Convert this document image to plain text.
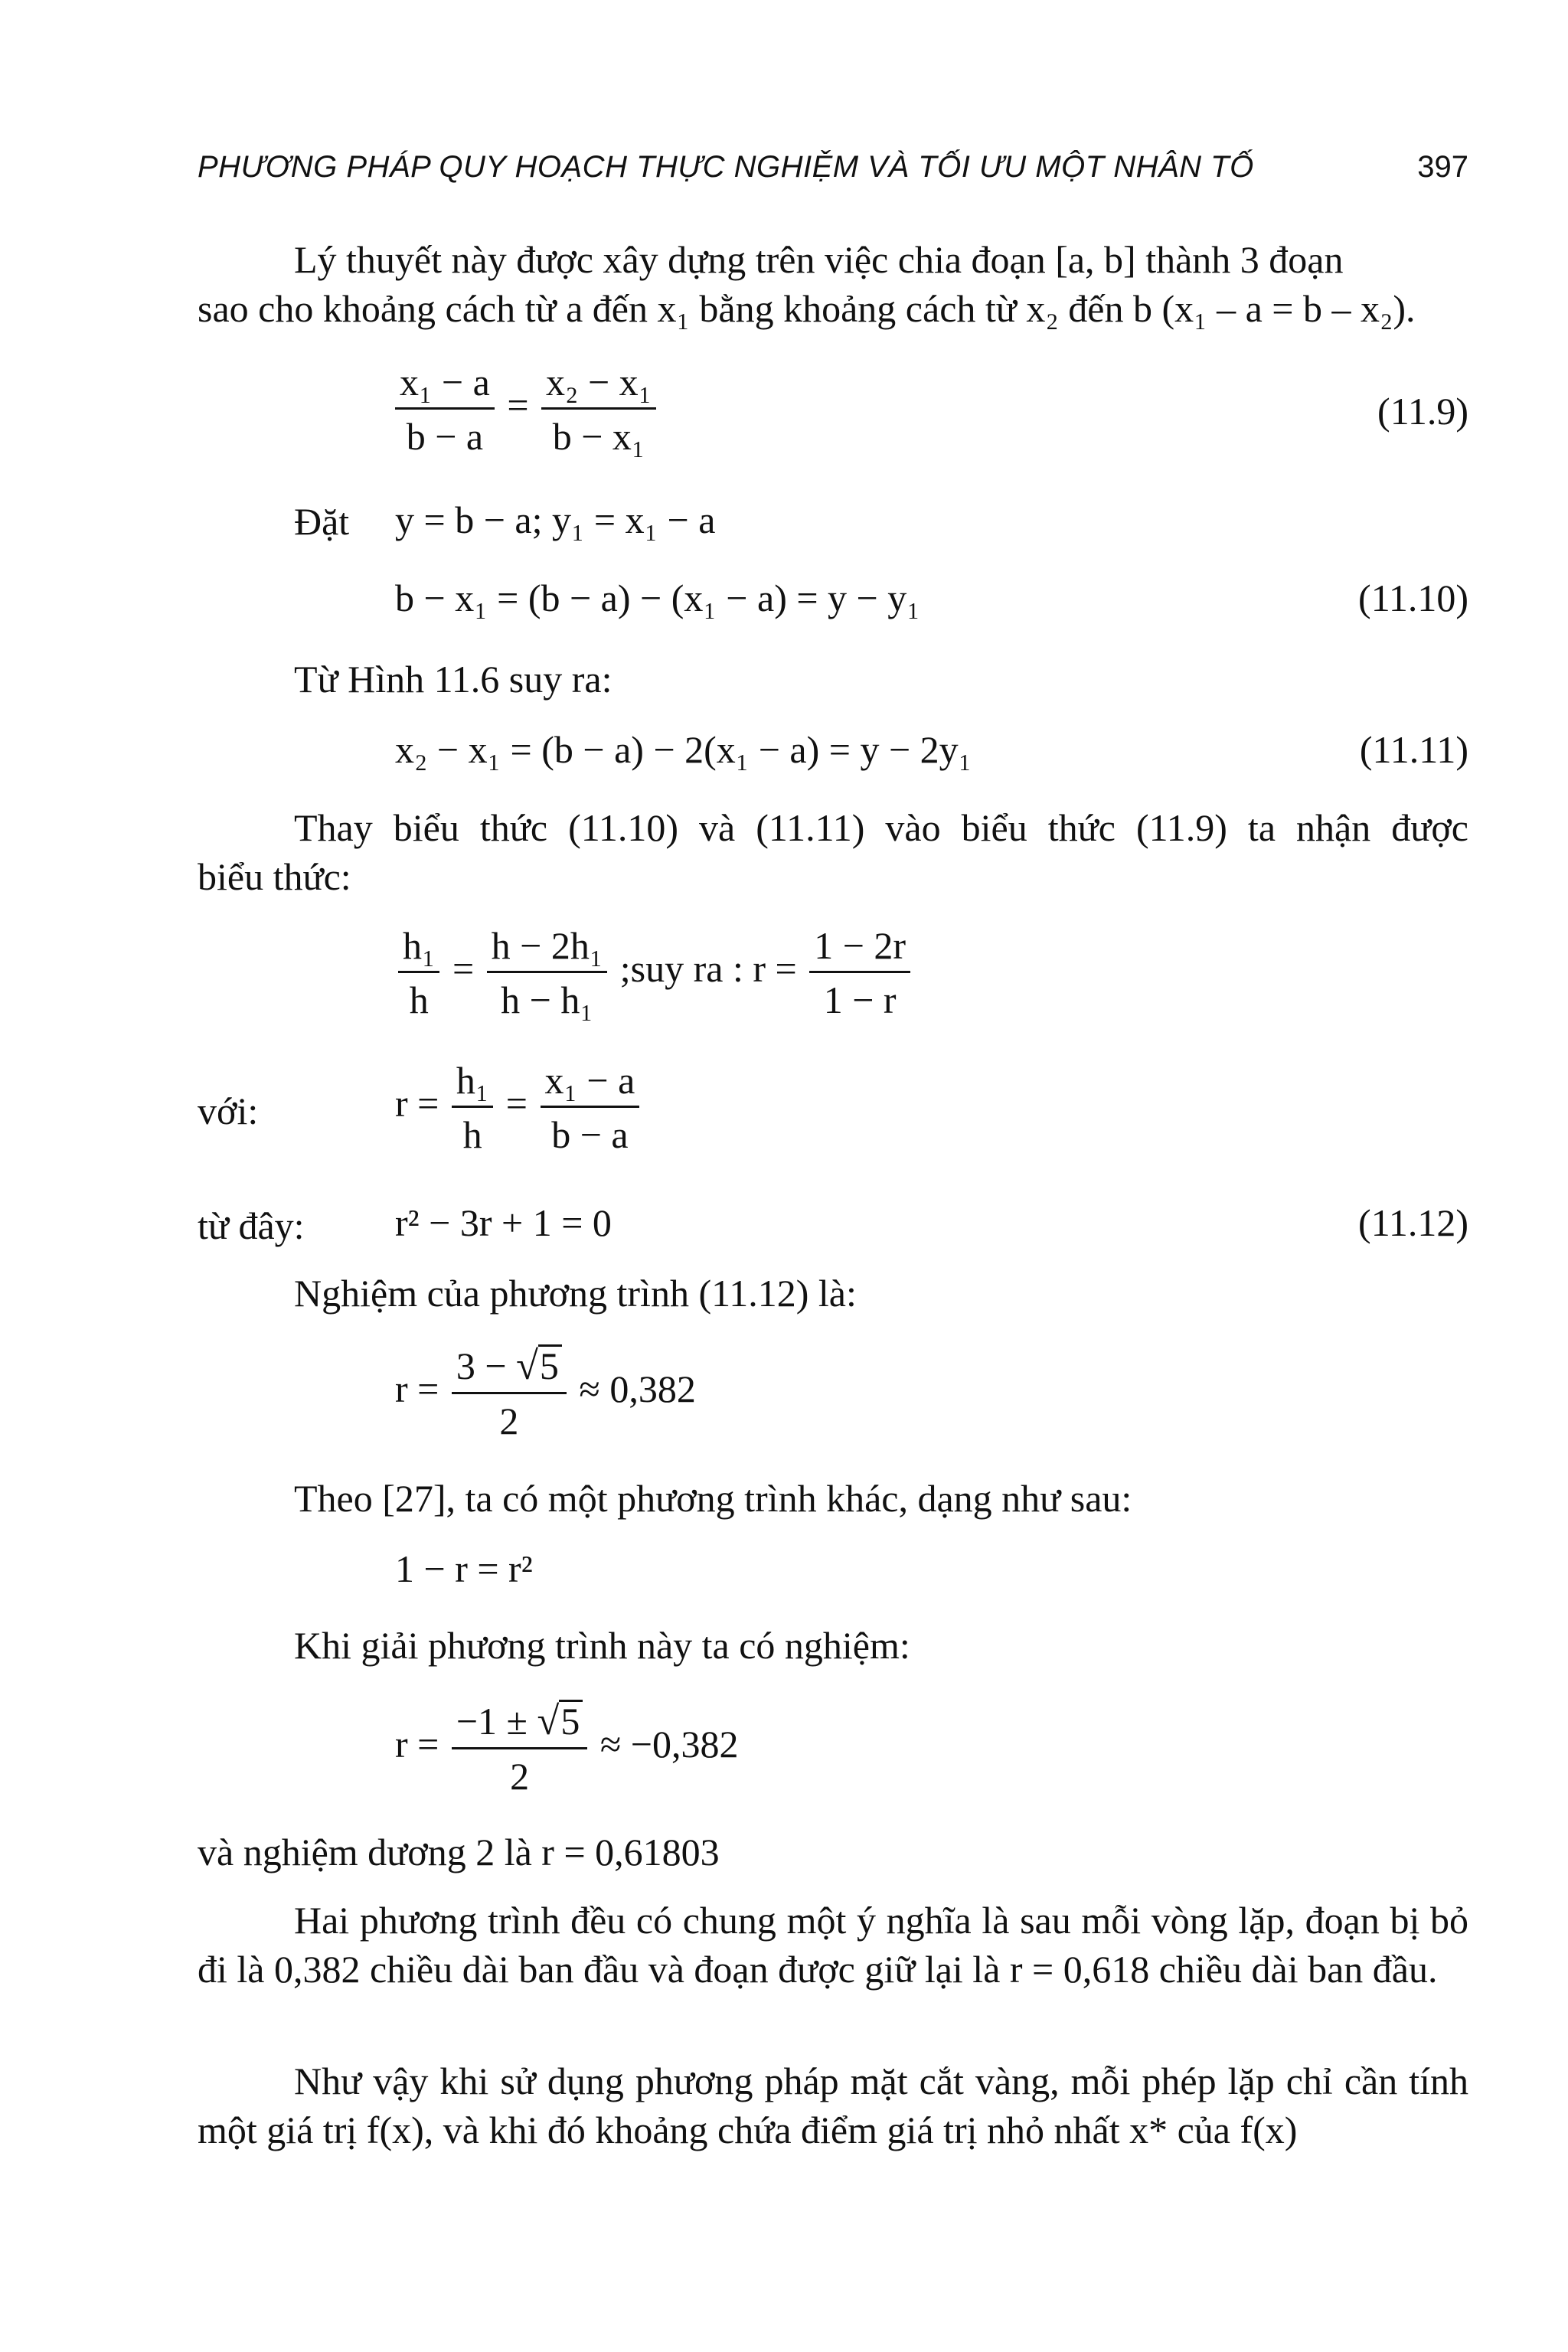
PHƯƠNG PHÁP QUY HOẠCH THỰC NGHIỆM VÀ TỐI ƯU MỘT NHÂN TỐ	397
Lý thuyết này được xây dựng trên việc chia đoạn [a, b] thành 3 đoạn
sao cho khoảng cách từ a đến x₁ bằng khoảng cách từ x₂ đến b (x₁ – a = b – x₂).
$\frac{\text{x₁ − a}}{b - a} = \frac{\text{x₂ − x₁}}{\text{b − x₁}}$	(11.9)
Đặt y = b − a; y₁ = x₁ − a
b − x₁ = (b − a) − (x₁ − a) = y − y₁	(11.10)
Từ Hình 11.6 suy ra:
x₂ − x₁ = (b − a) − 2(x₁ − a) = y − 2y₁	(11.11)
Thay biểu thức (11.10) và (11.11) vào biểu thức (11.9) ta nhận được
biểu thức:
$\frac{\text{h₁}}{h} = \frac{\text{h − 2h₁}}{\text{h − h₁}}$ ;suy ra : $r = \frac{1 - 2r}{1 - r}$
với:	$r = \frac{\text{h₁}}{h} = \frac{\text{x₁ − a}}{b - a}$
từ đây: r² − 3r + 1 = 0	(11.12)
Nghiệm của phương trình (11.12) là:
$r = \frac{3 - √5}{2} \approx 0,382$
Theo [27], ta có một phương trình khác, dạng như sau:
1 − r = r²
Khi giải phương trình này ta có nghiệm:
$r = \frac{-1 \pm √5}{2} \approx -0,382$
và nghiệm dương 2 là r = 0,61803
Hai phương trình đều có chung một ý nghĩa là sau mỗi vòng lặp, đoạn bị bỏ đi là 0,382 chiều dài ban đầu và đoạn được giữ lại là r = 0,618 chiều dài ban đầu.
Như vậy khi sử dụng phương pháp mặt cắt vàng, mỗi phép lặp chỉ cần tính một giá trị f(x), và khi đó khoảng chứa điểm giá trị nhỏ nhất x* của f(x)
